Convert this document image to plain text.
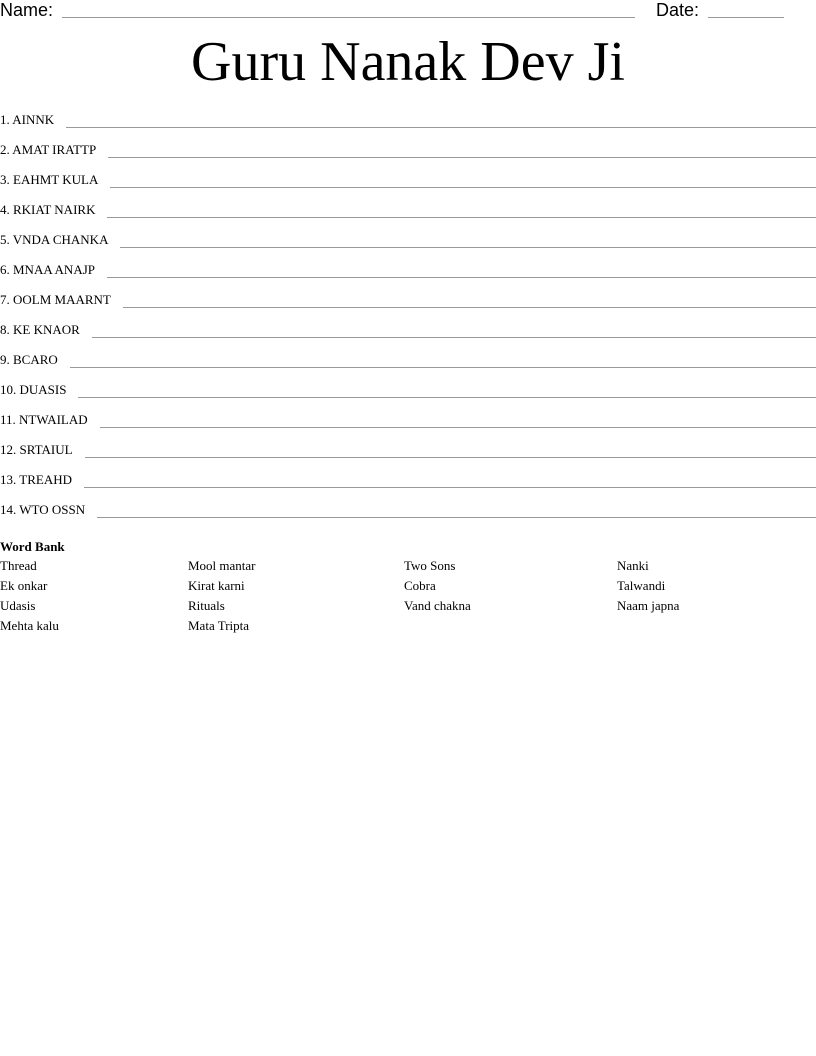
Name:	Date:
Guru Nanak Dev Ji
1. AINNK
2. AMAT IRATTP
3. EAHMT KULA
4. RKIAT NAIRK
5. VNDA CHANKA
6. MNAA ANAJP
7. OOLM MAARNT
8. KE KNAOR
9. BCARO
10. DUASIS
11. NTWAILAD
12. SRTAIUL
13. TREAHD
14. WTO OSSN
Word Bank
Thread
Ek onkar
Udasis
Mehta kalu
Mool mantar
Kirat karni
Rituals
Mata Tripta
Two Sons
Cobra
Vand chakna
Nanki
Talwandi
Naam japna
